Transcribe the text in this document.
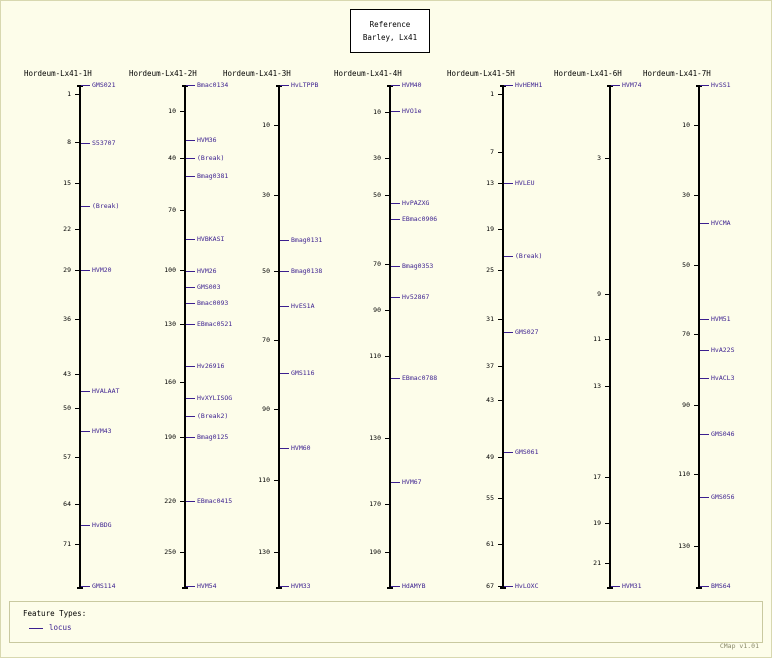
Reference
Barley, Lx41
Hordeum-Lx41-1H
1
8
15
22
29
36
43
50
57
64
71
GMS021
S53707
(Break)
HVM20
HVALAAT
HVM43
HvBDG
GMS114
Hordeum-Lx41-2H
10
40
70
100
130
160
190
220
250
Bmac0134
HVM36
(Break)
Bmag0381
HVBKASI
HVM26
GMS003
Bmac0093
EBmac0521
Hv26916
HvXYLISOG
(Break2)
Bmag0125
EBmac0415
HVM54
Hordeum-Lx41-3H
10
30
50
70
90
110
130
HvLTPPB
Bmag0131
Bmag0138
HvES1A
GMS116
HVM60
HVM33
Hordeum-Lx41-4H
10
30
50
70
90
110
130
170
190
HVM40
HVO1e
HvPAZXG
EBmac0906
Bmag0353
Hv52867
EBmac0788
HVM67
HdAMYB
Hordeum-Lx41-5H
1
7
13
19
25
31
37
43
49
55
61
67
HvHEMH1
HVLEU
(Break)
GMS027
GMS061
HvLOXC
Hordeum-Lx41-6H
3
9
11
13
17
19
21
HVM74
HVM31
Hordeum-Lx41-7H
10
30
50
70
90
110
130
HvSS1
HVCMA
HVM51
HvA22S
HvACL3
GMS046
GMS056
BMS64
Feature Types:
locus
CMap v1.01
